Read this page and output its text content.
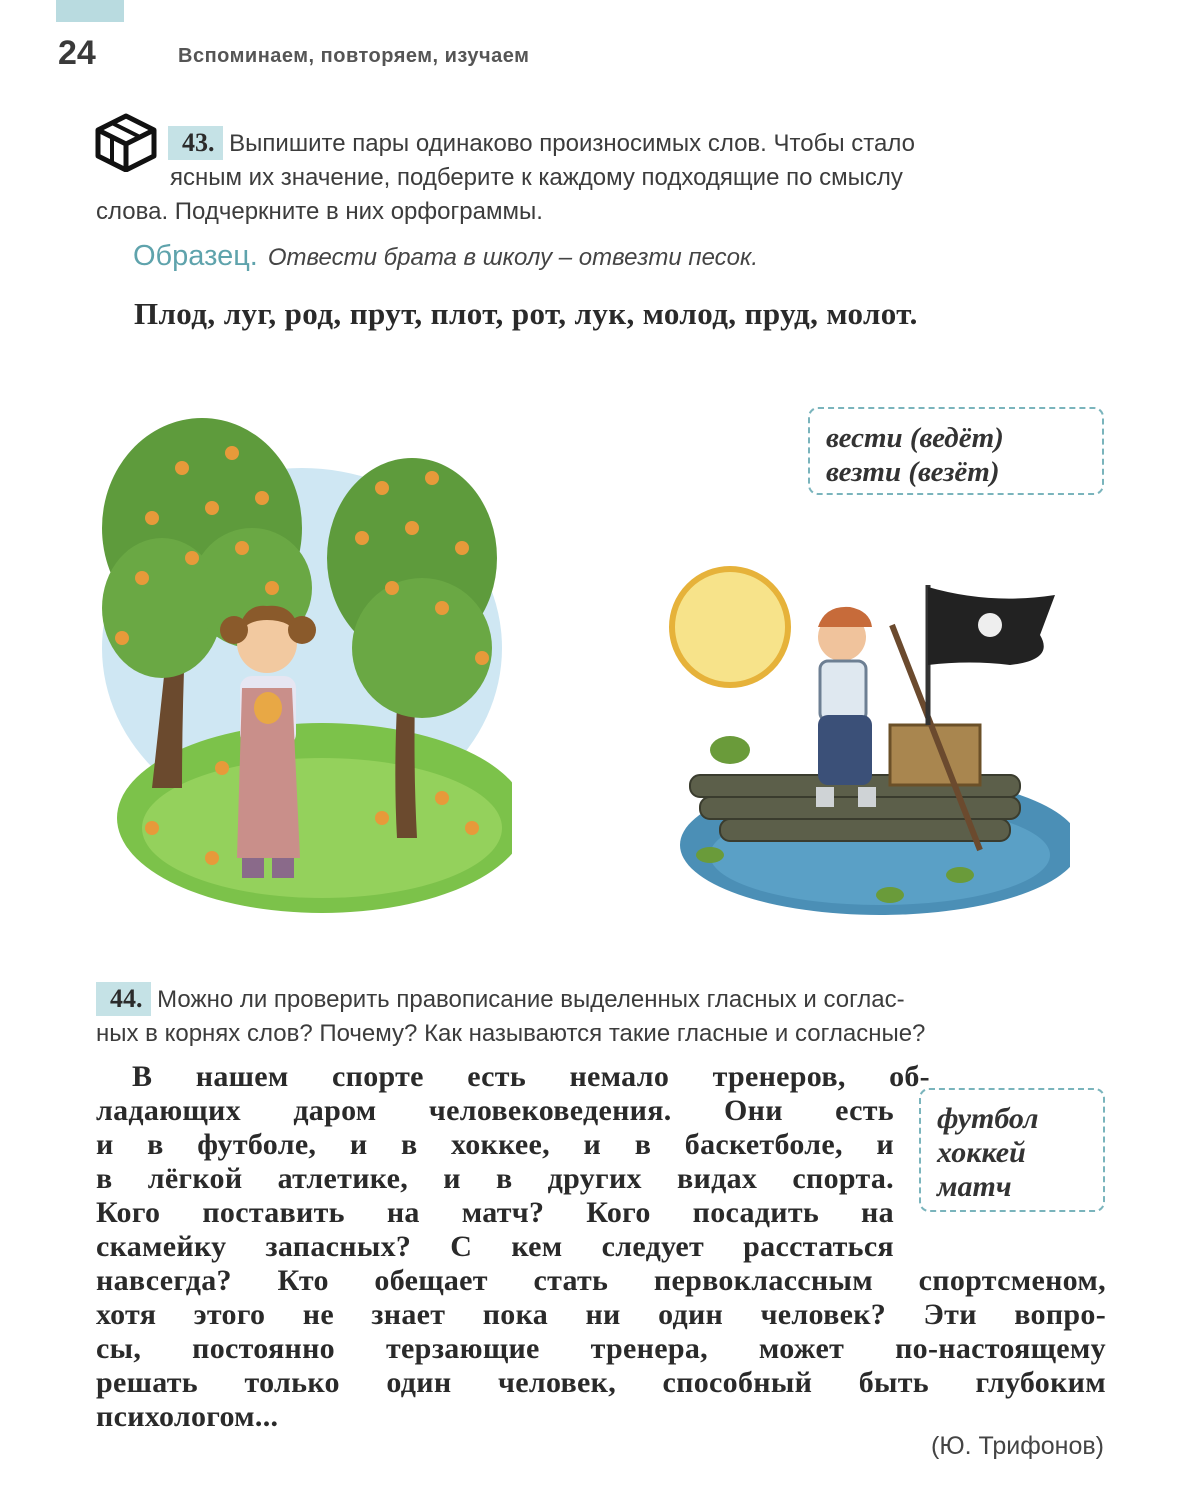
24	Вспоминаем, повторяем, изучаем
43. Выпишите пары одинаково произносимых слов. Чтобы стало
ясным их значение, подберите к каждому подходящие по смыслу
слова. Подчеркните в них орфограммы.
Образец. Отвести брата в школу – отвезти песок.
Плод, луг, род, прут, плот, рот, лук, молод, пруд, молот.
вести (ведёт)
везти (везёт)
44. Можно ли проверить правописание выделенных гласных и соглас-
ных в корнях слов? Почему? Как называются такие гласные и согласные?
В нашем спорте есть немало тренеров, об-
ладающих даром человековедения. Они есть
и в футболе, и в хоккее, и в баскетболе, и
в лёгкой атлетике, и в других видах спорта.
Кого поставить на матч? Кого посадить на
скамейку запасных? С кем следует расстаться
навсегда? Кто обещает стать первоклассным спортсменом,
хотя этого не знает пока ни один человек? Эти вопро-
сы, постоянно терзающие тренера, может по-настоящему
решать только один человек, способный быть глубоким
психологом...
футбол
хоккей
матч
(Ю. Трифонов)
